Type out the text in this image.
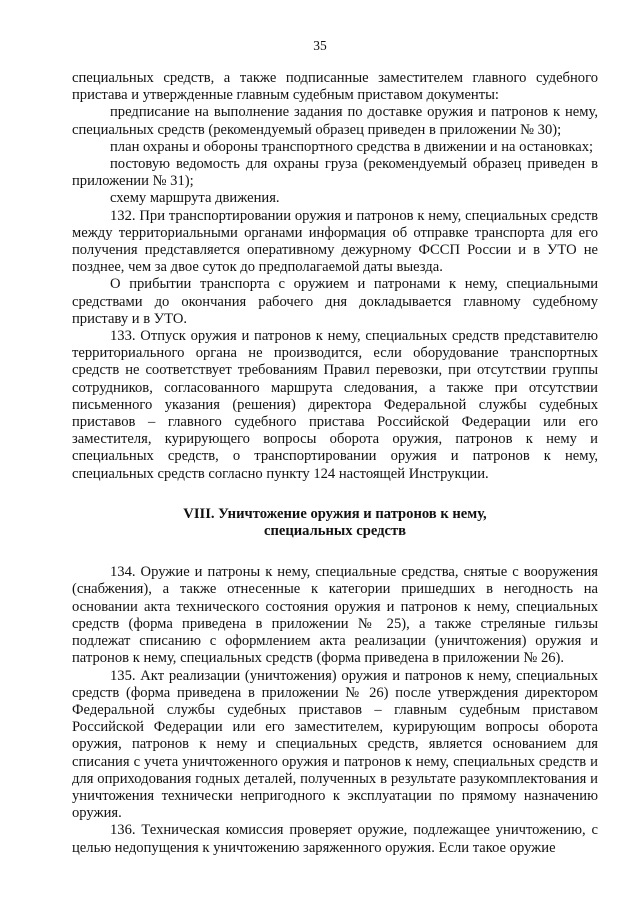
35

специальных средств, а также подписанные заместителем главного судебного пристава и утвержденные главным судебным приставом документы:

предписание на выполнение задания по доставке оружия и патронов к нему, специальных средств (рекомендуемый образец приведен в приложении № 30);

план охраны и обороны транспортного средства в движении и на остановках;

постовую ведомость для охраны груза (рекомендуемый образец приведен в приложении № 31);

схему маршрута движения.

132. При транспортировании оружия и патронов к нему, специальных средств между территориальными органами информация об отправке транспорта для его получения представляется оперативному дежурному ФССП России и в УТО не позднее, чем за двое суток до предполагаемой даты выезда.

О прибытии транспорта с оружием и патронами к нему, специальными средствами до окончания рабочего дня докладывается главному судебному приставу и в УТО.

133. Отпуск оружия и патронов к нему, специальных средств представителю территориального органа не производится, если оборудование транспортных средств не соответствует требованиям Правил перевозки, при отсутствии группы сотрудников, согласованного маршрута следования, а также при отсутствии письменного указания (решения) директора Федеральной службы судебных приставов – главного судебного пристава Российской Федерации или его заместителя, курирующего вопросы оборота оружия, патронов к нему и специальных средств, о транспортировании оружия и патронов к нему, специальных средств согласно пункту 124 настоящей Инструкции.

VIII. Уничтожение оружия и патронов к нему,
специальных средств

134. Оружие и патроны к нему, специальные средства, снятые с вооружения (снабжения), а также отнесенные к категории пришедших в негодность на основании акта технического состояния оружия и патронов к нему, специальных средств (форма приведена в приложении № 25), а также стреляные гильзы подлежат списанию с оформлением акта реализации (уничтожения) оружия и патронов к нему, специальных средств (форма приведена в приложении № 26).

135. Акт реализации (уничтожения) оружия и патронов к нему, специальных средств (форма приведена в приложении № 26) после утверждения директором Федеральной службы судебных приставов – главным судебным приставом Российской Федерации или его заместителем, курирующим вопросы оборота оружия, патронов к нему и специальных средств, является основанием для списания с учета уничтоженного оружия и патронов к нему, специальных средств и для оприходования годных деталей, полученных в результате разукомплектования и уничтожения технически непригодного к эксплуатации по прямому назначению оружия.

136. Техническая комиссия проверяет оружие, подлежащее уничтожению, с целью недопущения к уничтожению заряженного оружия. Если такое оружие
